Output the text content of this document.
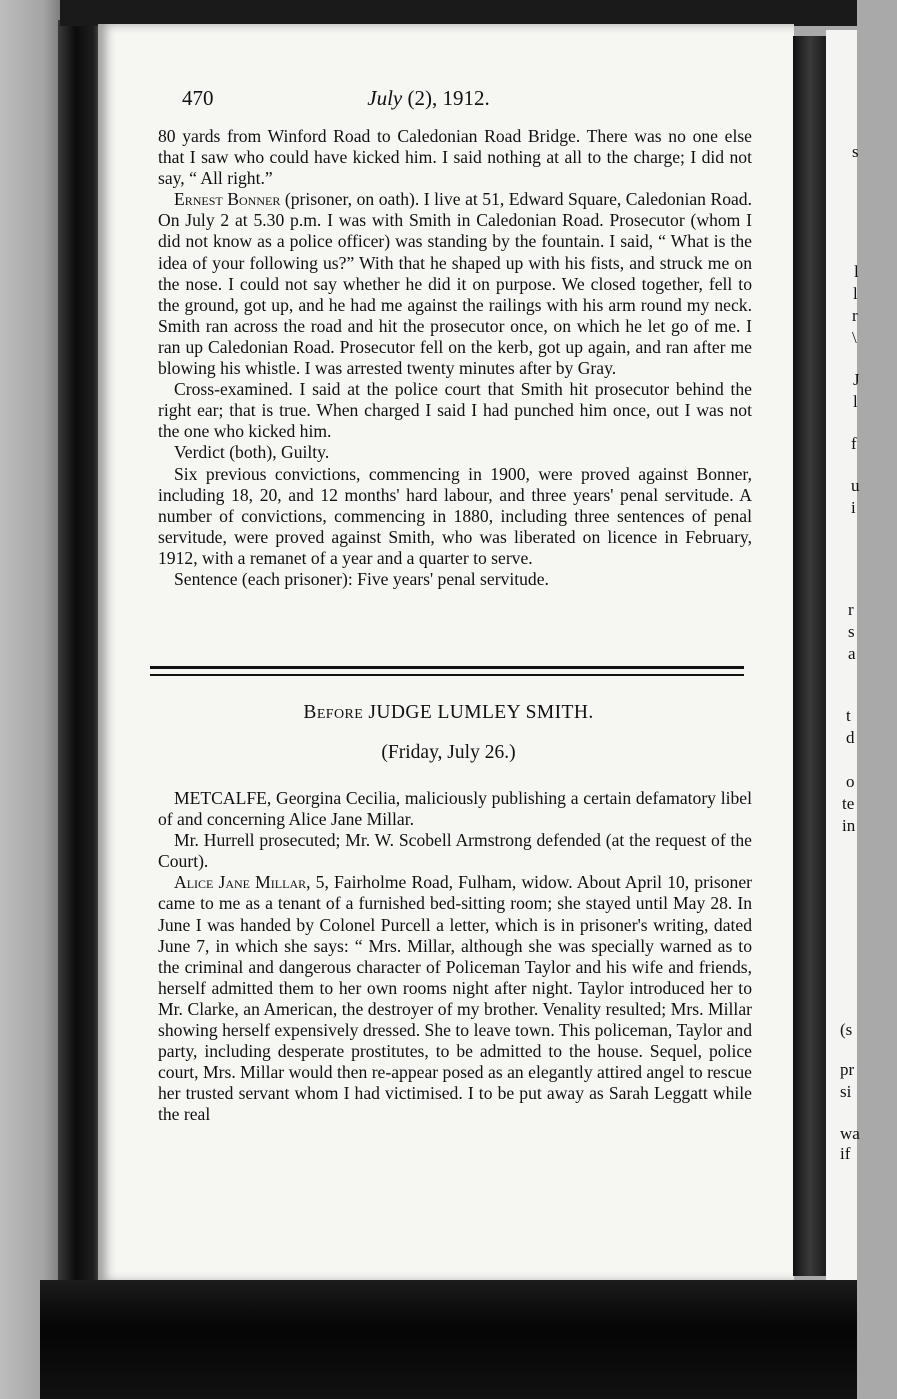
s
l
l
r
\
J
l
f
u
i
r
s
a
t
d
o
te
in
(s
pr
si
wa
if
470	July (2), 1912.

80 yards from Winford Road to Caledonian Road Bridge. There was no one else that I saw who could have kicked him. I said nothing at all to the charge; I did not say, “ All right.”

Ernest Bonner (prisoner, on oath). I live at 51, Edward Square, Caledonian Road. On July 2 at 5.30 p.m. I was with Smith in Caledonian Road. Prosecutor (whom I did not know as a police officer) was standing by the fountain. I said, “ What is the idea of your following us?” With that he shaped up with his fists, and struck me on the nose. I could not say whether he did it on purpose. We closed together, fell to the ground, got up, and he had me against the railings with his arm round my neck. Smith ran across the road and hit the prosecutor once, on which he let go of me. I ran up Caledonian Road. Prosecutor fell on the kerb, got up again, and ran after me blowing his whistle. I was arrested twenty minutes after by Gray.

Cross-examined. I said at the police court that Smith hit prosecutor behind the right ear; that is true. When charged I said I had punched him once, out I was not the one who kicked him.

Verdict (both), Guilty.

Six previous convictions, commencing in 1900, were proved against Bonner, including 18, 20, and 12 months' hard labour, and three years' penal servitude. A number of convictions, commencing in 1880, including three sentences of penal servitude, were proved against Smith, who was liberated on licence in February, 1912, with a remanet of a year and a quarter to serve.

Sentence (each prisoner): Five years' penal servitude.

Before JUDGE LUMLEY SMITH.
(Friday, July 26.)

METCALFE, Georgina Cecilia, maliciously publishing a certain defamatory libel of and concerning Alice Jane Millar.

Mr. Hurrell prosecuted; Mr. W. Scobell Armstrong defended (at the request of the Court).

Alice Jane Millar, 5, Fairholme Road, Fulham, widow. About April 10, prisoner came to me as a tenant of a furnished bed-sitting room; she stayed until May 28. In June I was handed by Colonel Purcell a letter, which is in prisoner's writing, dated June 7, in which she says: “ Mrs. Millar, although she was specially warned as to the criminal and dangerous character of Policeman Taylor and his wife and friends, herself admitted them to her own rooms night after night. Taylor introduced her to Mr. Clarke, an American, the destroyer of my brother. Venality resulted; Mrs. Millar showing herself expensively dressed. She to leave town. This policeman, Taylor and party, including desperate prostitutes, to be admitted to the house. Sequel, police court, Mrs. Millar would then re-appear posed as an elegantly attired angel to rescue her trusted servant whom I had victimised. I to be put away as Sarah Leggatt while the real
